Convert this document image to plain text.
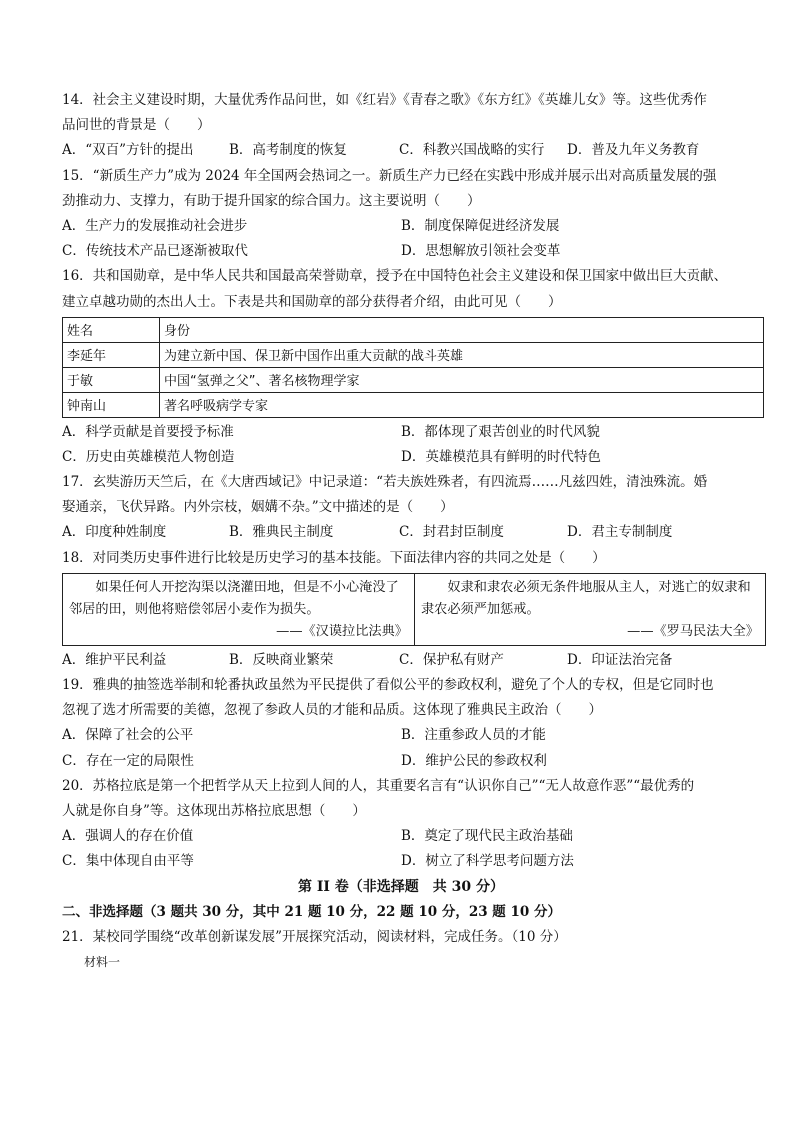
14．社会主义建设时期，大量优秀作品问世，如《红岩》《青春之歌》《东方红》《英雄儿女》等。这些优秀作
品问世的背景是（　　）
A．“双百”方针的提出	B．高考制度的恢复	C．科教兴国战略的实行	D．普及九年义务教育
15．“新质生产力”成为 2024 年全国两会热词之一。新质生产力已经在实践中形成并展示出对高质量发展的强
劲推动力、支撑力，有助于提升国家的综合国力。这主要说明（　　）
A．生产力的发展推动社会进步	B．制度保障促进经济发展
C．传统技术产品已逐渐被取代	D．思想解放引领社会变革
16．共和国勋章，是中华人民共和国最高荣誉勋章，授予在中国特色社会主义建设和保卫国家中做出巨大贡献、
建立卓越功勋的杰出人士。下表是共和国勋章的部分获得者介绍，由此可见（　　）
姓名	身份
李延年	为建立新中国、保卫新中国作出重大贡献的战斗英雄
于敏	中国“氢弹之父”、著名核物理学家
钟南山	著名呼吸病学专家
A．科学贡献是首要授予标准	B．都体现了艰苦创业的时代风貌
C．历史由英雄模范人物创造	D．英雄模范具有鲜明的时代特色
17．玄奘游历天竺后，在《大唐西域记》中记录道：“若夫族姓殊者，有四流焉……凡兹四姓，清浊殊流。婚
娶通亲，飞伏异路。内外宗枝，姻媾不杂。”文中描述的是（　　）
A．印度种姓制度	B．雅典民主制度	C．封君封臣制度	D．君主专制制度
18．对同类历史事件进行比较是历史学习的基本技能。下面法律内容的共同之处是（　　）
如果任何人开挖沟渠以浇灌田地，但是不小心淹没了邻居的田，则他将赔偿邻居小麦作为损失。
——《汉谟拉比法典》
奴隶和隶农必须无条件地服从主人，对逃亡的奴隶和隶农必须严加惩戒。
——《罗马民法大全》
A．维护平民利益	B．反映商业繁荣	C．保护私有财产	D．印证法治完备
19．雅典的抽签选举制和轮番执政虽然为平民提供了看似公平的参政权利，避免了个人的专权，但是它同时也
忽视了选才所需要的美德，忽视了参政人员的才能和品质。这体现了雅典民主政治（　　）
A．保障了社会的公平	B．注重参政人员的才能
C．存在一定的局限性	D．维护公民的参政权利
20．苏格拉底是第一个把哲学从天上拉到人间的人，其重要名言有“认识你自己”“无人故意作恶”“最优秀的
人就是你自身”等。这体现出苏格拉底思想（　　）
A．强调人的存在价值	B．奠定了现代民主政治基础
C．集中体现自由平等	D．树立了科学思考问题方法
第 II 卷（非选择题　共 30 分）
二、非选择题（3 题共 30 分，其中 21 题 10 分，22 题 10 分，23 题 10 分）
21．某校同学围绕“改革创新谋发展”开展探究活动，阅读材料，完成任务。（10 分）
材料一
